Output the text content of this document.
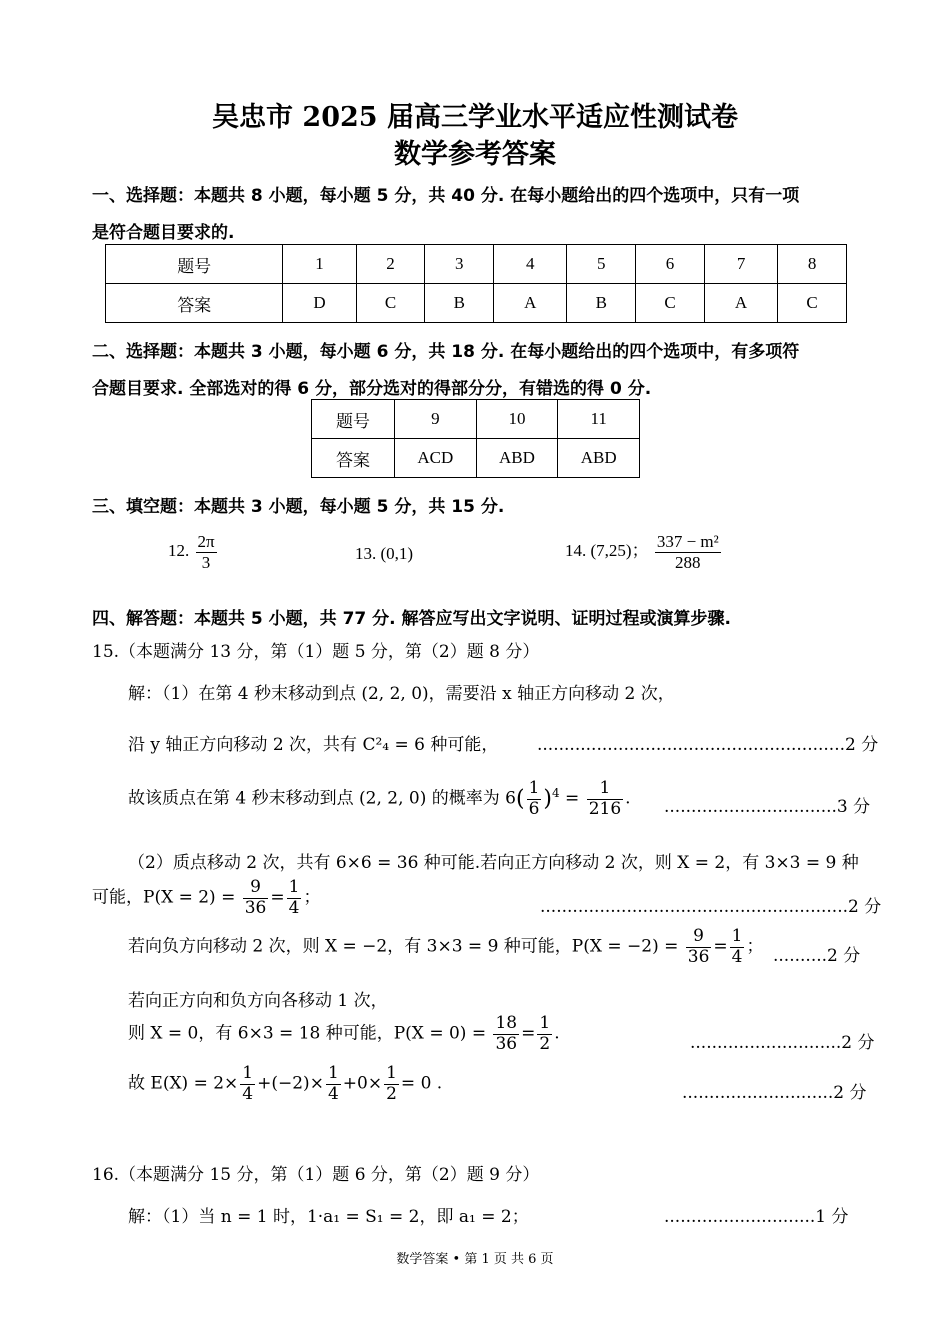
吴忠市 2025 届高三学业水平适应性测试卷
数学参考答案
一、选择题：本题共 8 小题，每小题 5 分，共 40 分. 在每小题给出的四个选项中，只有一项
是符合题目要求的.
题号	1	2	3	4	5	6	7	8
答案	D	C	B	A	B	C	A	C
二、选择题：本题共 3 小题，每小题 6 分，共 18 分. 在每小题给出的四个选项中，有多项符
合题目要求. 全部选对的得 6 分，部分选对的得部分分，有错选的得 0 分.
题号	9	10	11
答案	ACD	ABD	ABD
三、填空题：本题共 3 小题，每小题 5 分，共 15 分.
12. $\frac{2\pi}{3}$	13. (0,1)	14. (7,25)； $\frac{\text{337 − m²}}{288}$
四、解答题：本题共 5 小题，共 77 分. 解答应写出文字说明、证明过程或演算步骤.
15.（本题满分 13 分，第（1）题 5 分，第（2）题 8 分）
解：（1）在第 4 秒末移动到点 (2, 2, 0)，需要沿 x 轴正方向移动 2 次，
沿 y 轴正方向移动 2 次，共有 C²₄ = 6 种可能， .........................................................2 分
故该质点在第 4 秒末移动到点 (2, 2, 0) 的概率为 $6( \frac{1}{6} )^4 = \frac{1}{216}$ . ................................3 分
（2）质点移动 2 次，共有 6×6 = 36 种可能.若向正方向移动 2 次，则 X = 2，有 3×3 = 9 种
可能，$P(X = 2) = \frac{9}{36} = \frac{1}{4}$ ；	.........................................................2 分
若向负方向移动 2 次，则 X = −2，有 3×3 = 9 种可能，$P(X = -2) = \frac{9}{36} = \frac{1}{4}$ ； ..........2 分
若向正方向和负方向各移动 1 次，
则 X = 0，有 6×3 = 18 种可能，$P(X = 0) = \frac{18}{36} = \frac{1}{2}$ .	............................2 分
故 $E(X) = 2\times \frac{1}{4} +(-2)\times \frac{1}{4} +0\times \frac{1}{2} = 0$ .	............................2 分
16.（本题满分 15 分，第（1）题 6 分，第（2）题 9 分）
解：（1）当 n = 1 时，1·a₁ = S₁ = 2，即 a₁ = 2；	............................1 分
数学答案 • 第 1 页 共 6 页
